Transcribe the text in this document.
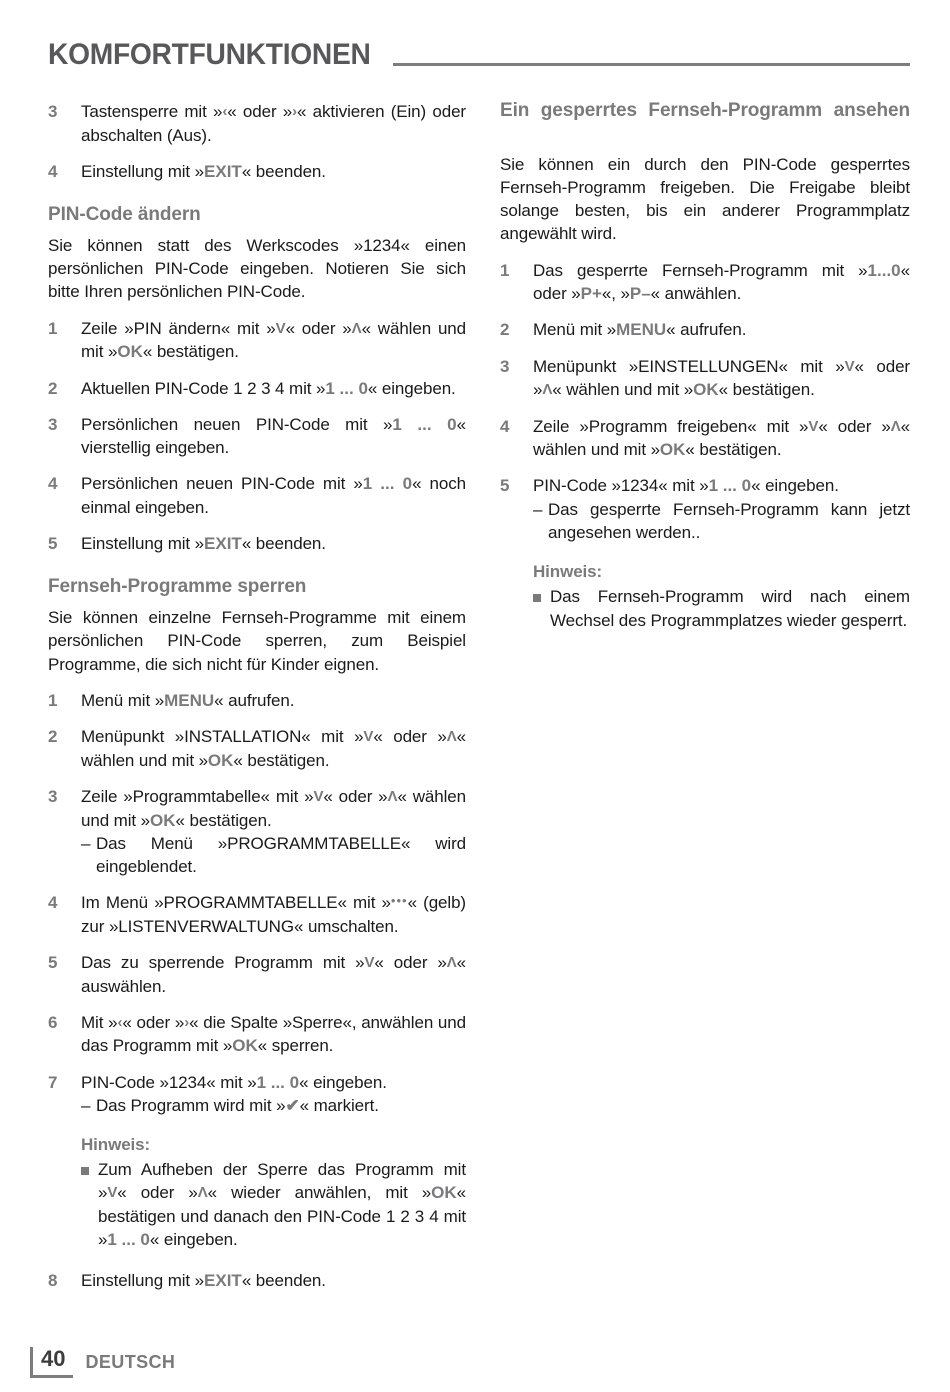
KOMFORTFUNKTIONEN
3	Tastensperre mit »‹« oder »›« aktivieren (Ein) oder abschalten (Aus).

4	Einstellung mit »EXIT« beenden.

PIN-Code ändern

Sie können statt des Werkscodes »1234« einen persönlichen PIN-Code eingeben. Notieren Sie sich bitte Ihren persönlichen PIN-Code.

1	Zeile »PIN ändern« mit »V« oder »Λ« wählen und mit »OK« bestätigen.

2	Aktuellen PIN-Code 1 2 3 4 mit »1 ... 0« eingeben.

3	Persönlichen neuen PIN-Code mit »1 ... 0« vierstellig eingeben.

4	Persönlichen neuen PIN-Code mit »1 ... 0« noch einmal eingeben.

5	Einstellung mit »EXIT« beenden.

Fernseh-Programme sperren

Sie können einzelne Fernseh-Programme mit einem persönlichen PIN-Code sperren, zum Beispiel Programme, die sich nicht für Kinder eignen.

1	Menü mit »MENU« aufrufen.

2	Menüpunkt »INSTALLATION« mit »V« oder »Λ« wählen und mit »OK« bestätigen.

3	Zeile »Programmtabelle« mit »V« oder »Λ« wählen und mit »OK« bestätigen.

– Das Menü »PROGRAMMTABELLE« wird eingeblendet.
4	Im Menü »PROGRAMMTABELLE« mit »•••« (gelb) zur »LISTENVERWALTUNG« umschalten.

5	Das zu sperrende Programm mit »V« oder »Λ« auswählen.

6	Mit »‹« oder »›« die Spalte »Sperre«, anwählen und das Programm mit »OK« sperren.

7	PIN-Code »1234« mit »1 ... 0« eingeben.

– Das Programm wird mit »✔« markiert.
Hinweis:
Zum Aufheben der Sperre das Programm mit »V« oder »Λ« wieder anwählen, mit »OK« bestätigen und danach den PIN-Code 1 2 3 4 mit »1 ... 0« eingeben.
8	Einstellung mit »EXIT« beenden.

Ein gesperrtes Fernseh-Programm ansehen

Sie können ein durch den PIN-Code gesperrtes Fernseh-Programm freigeben. Die Freigabe bleibt solange besten, bis ein anderer Programmplatz angewählt wird.

1	Das gesperrte Fernseh-Programm mit »1...0« oder »P+«, »P–« anwählen.

2	Menü mit »MENU« aufrufen.

3	Menüpunkt »EINSTELLUNGEN« mit »V« oder »Λ« wählen und mit »OK« bestätigen.

4	Zeile »Programm freigeben« mit »V« oder »Λ« wählen und mit »OK« bestätigen.

5	PIN-Code »1234« mit »1 ... 0« eingeben.

– Das gesperrte Fernseh-Programm kann jetzt angesehen werden..
Hinweis:
Das Fernseh-Programm wird nach einem Wechsel des Programmplatzes wieder gesperrt.
40	DEUTSCH
